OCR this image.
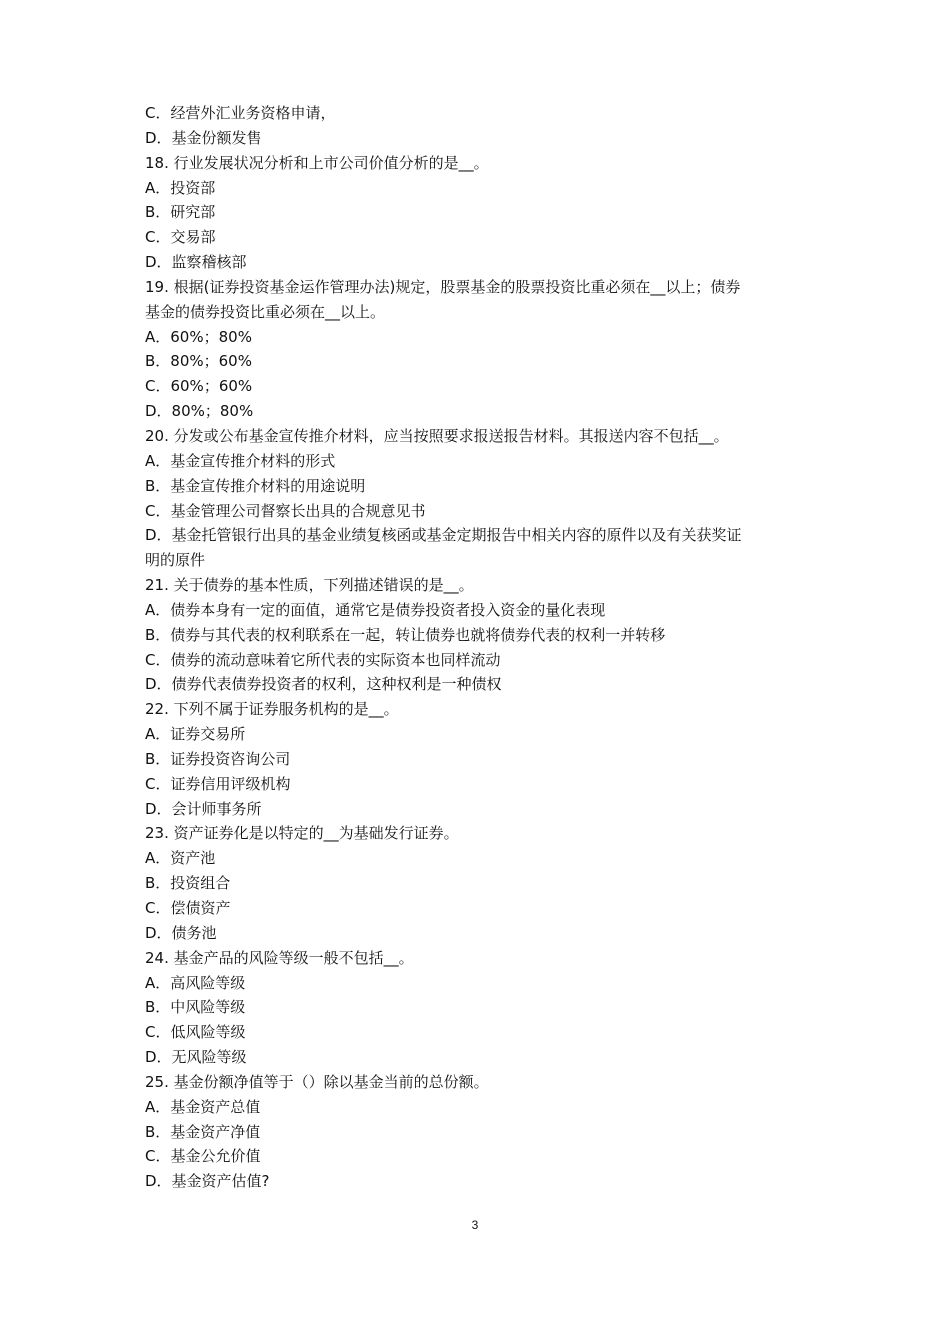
C．经营外汇业务资格申请，
D．基金份额发售
18. 行业发展状况分析和上市公司价值分析的是__。
A．投资部
B．研究部
C．交易部
D．监察稽核部
19. 根据(证券投资基金运作管理办法)规定，股票基金的股票投资比重必须在__以上；债券
基金的债券投资比重必须在__以上。
A．60%；80%
B．80%；60%
C．60%；60%
D．80%；80%
20. 分发或公布基金宣传推介材料，应当按照要求报送报告材料。其报送内容不包括__。
A．基金宣传推介材料的形式
B．基金宣传推介材料的用途说明
C．基金管理公司督察长出具的合规意见书
D．基金托管银行出具的基金业绩复核函或基金定期报告中相关内容的原件以及有关获奖证
明的原件
21. 关于债券的基本性质，下列描述错误的是__。
A．债券本身有一定的面值，通常它是债券投资者投入资金的量化表现
B．债券与其代表的权利联系在一起，转让债券也就将债券代表的权利一并转移
C．债券的流动意味着它所代表的实际资本也同样流动
D．债券代表债券投资者的权利，这种权利是一种债权
22. 下列不属于证券服务机构的是__。
A．证券交易所
B．证券投资咨询公司
C．证券信用评级机构
D．会计师事务所
23. 资产证券化是以特定的__为基础发行证券。
A．资产池
B．投资组合
C．偿债资产
D．债务池
24. 基金产品的风险等级一般不包括__。
A．高风险等级
B．中风险等级
C．低风险等级
D．无风险等级
25. 基金份额净值等于（）除以基金当前的总份额。
A．基金资产总值
B．基金资产净值
C．基金公允价值
D．基金资产估值?
3
